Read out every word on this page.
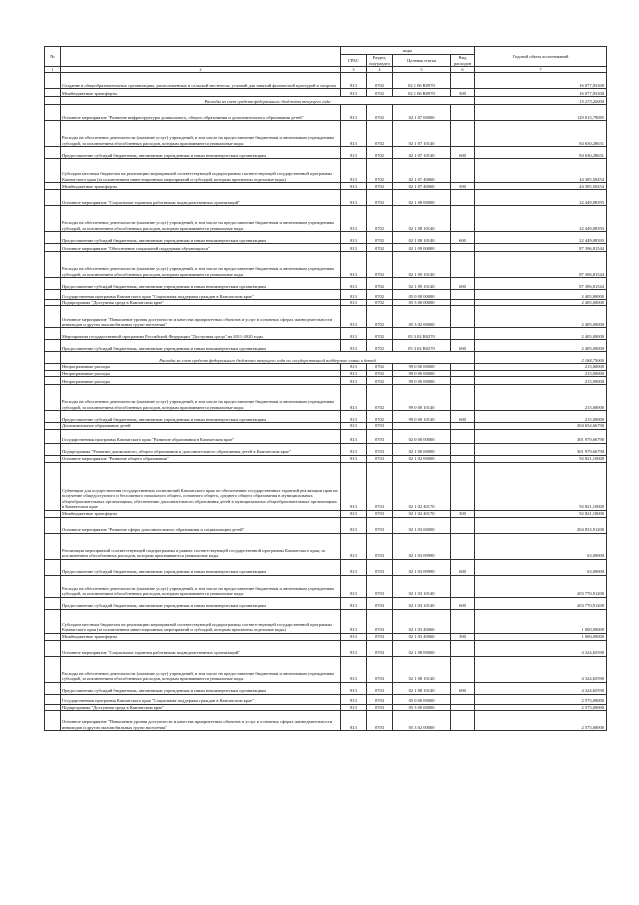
№		коды				Годовой объем ассигнований
		ГРБС	Раздел, под-раздел	Целевая статья	Вид расходов	
1	2	3	4	5	6	7
	Создание в общеобразовательных организациях, расположенных в сельской местности, условий для занятий физической культурой и спортом	813	0702	02 1 06 R0970		16 077,05300
	Межбюджетные трансферты	813	0702	02 1 06 R0970	500	16 077,05300
	Расходы за счет средств федерального бюджета текущего года					15 273,20000
	Основное мероприятие "Развитие инфраструктуры дошкольного, общего образования и дополнительного образования детей"	813	0702	02 1 07 00000		129 015,79085
	Расходы на обеспечение деятельности (оказание услуг) учреждений, в том числе на предоставление бюджетным и автономным учреждениям субсидий, за исключением обособленных расходов, которым присваиваются уникальные коды	813	0702	02 1 07 10140		84 630,28631
	Предоставление субсидий бюджетным, автономным учреждениям и иным некоммерческим организациям	813	0702	02 1 07 10140	600	84 630,28631
	Субсидии местным бюджетам на реализацию мероприятий соответствующей подпрограммы соответствующей государственной программы Камчатского края (за исключением инвестиционных мероприятий и субсидий, которым присвоены отдельные коды)	813	0702	02 1 07 40060		44 385,50454
	Межбюджетные трансферты	813	0702	02 1 07 40060	500	44 385,50454
	Основное мероприятие "Социальные гарантии работникам подведомственных организаций"	813	0702	02 1 08 00000		22 449,08393
	Расходы на обеспечение деятельности (оказание услуг) учреждений, в том числе на предоставление бюджетным и автономным учреждениям субсидий, за исключением обособленных расходов, которым присваиваются уникальные коды	813	0702	02 1 08 10140		22 449,08393
	Предоставление субсидий бюджетным, автономным учреждениям и иным некоммерческим организациям	813	0702	02 1 08 10140	600	22 449,08393
	Основное мероприятие "Обеспечение социальной поддержки обучающихся"	813	0702	02 1 09 00000		87 396,81544
	Расходы на обеспечение деятельности (оказание услуг) учреждений, в том числе на предоставление бюджетным и автономным учреждениям субсидий, за исключением обособленных расходов, которым присваиваются уникальные коды	813	0702	02 1 09 10140		87 396,81544
	Предоставление субсидий бюджетным, автономным учреждениям и иным некоммерческим организациям	813	0702	02 1 09 10140	600	87 396,81544
	Государственная программа Камчатского края "Социальная поддержка граждан в Камчатском крае"	813	0702	05 0 00 00000		2 405,00000
	Подпрограмма "Доступная среда в Камчатском крае"	813	0702	05 3 00 00000		2 405,00000
	Основное мероприятие "Повышение уровня доступности и качества приоритетных объектов и услуг в основных сферах жизнедеятельности инвалидов и других маломобильных групп населения"	813	0702	05 3 02 00000		2 405,00000
	Мероприятия государственной программы Российской Федерации "Доступная среда" на 2011-2020 годы	813	0702	05 3 02 R0270		2 405,00000
	Предоставление субсидий бюджетным, автономным учреждениям и иным некоммерческим организациям	813	0702	05 3 02 R0270	600	2 405,00000
	Расходы за счет средств федерального бюджета текущего года по государственной поддержке семьи и детей					2 184,75000
	Непрограммные расходы	813	0702	99 0 00 00000		215,00000
	Непрограммные расходы	813	0702	99 0 00 00000		215,00000
	Непрограммные расходы	813	0702	99 0 00 00000		215,00000
	Расходы на обеспечение деятельности (оказание услуг) учреждений, в том числе на предоставление бюджетным и автономным учреждениям субсидий, за исключением обособленных расходов, которым присваиваются уникальные коды	813	0702	99 0 00 10140		215,00000
	Предоставление субсидий бюджетным, автономным учреждениям и иным некоммерческим организациям	813	0702	99 0 00 10140	600	215,00000
	Дополнительное образование детей	813	0703			304 654,66790
	Государственная программа Камчатского края "Развитие образования в Камчатском крае"	813	0703	02 0 00 00000		301 979,66790
	Подпрограмма "Развитие дошкольного, общего образования и дополнительного образования детей в Камчатском крае"	813	0703	02 1 00 00000		301 979,66790
	Основное мероприятие "Развитие общего образования"	813	0703	02 1 02 00000		92 821,10000
	Субвенции для осуществления государственных полномочий Камчатского края по обеспечению государственных гарантий реализации прав на получение общедоступного и бесплатного начального общего, основного общего, среднего общего образования в муниципальных общеобразовательных организациях, обеспечению дополнительного образования детей в муниципальных общеобразовательных организациях в Камчатском крае	813	0703	02 1 02 40170		92 821,10000
	Межбюджетные трансферты	813	0703	02 1 02 40170	500	92 821,10000
	Основное мероприятие "Развитие сферы дополнительного образования и социализации детей"	813	0703	02 1 03 00000		204 833,91200
	Реализация мероприятий соответствующей подпрограммы в рамках соответствующей государственной программы Камчатского края, за исключением обособленных расходов, которым присваиваются уникальные коды	813	0703	02 1 03 09990		63,00000
	Предоставление субсидий бюджетным, автономным учреждениям и иным некоммерческим организациям	813	0703	02 1 03 09990	600	63,00000
	Расходы на обеспечение деятельности (оказание услуг) учреждений, в том числе на предоставление бюджетным и автономным учреждениям субсидий, за исключением обособленных расходов, которым присваиваются уникальные коды	813	0703	02 1 03 10140		203 770,91200
	Предоставление субсидий бюджетным, автономным учреждениям и иным некоммерческим организациям	813	0703	02 1 03 10140	600	203 770,91200
	Субсидии местным бюджетам на реализацию мероприятий соответствующей подпрограммы соответствующей государственной программы Камчатского края (за исключением инвестиционных мероприятий и субсидий, которым присвоены отдельные коды)	813	0703	02 1 03 40060		1 000,00000
	Межбюджетные трансферты	813	0703	02 1 03 40060	500	1 000,00000
	Основное мероприятие "Социальные гарантии работникам подведомственных организаций"	813	0703	02 1 08 00000		4 324,65590
	Расходы на обеспечение деятельности (оказание услуг) учреждений, в том числе на предоставление бюджетным и автономным учреждениям субсидий, за исключением обособленных расходов, которым присваиваются уникальные коды	813	0703	02 1 08 10140		4 324,65590
	Предоставление субсидий бюджетным, автономным учреждениям и иным некоммерческим организациям	813	0703	02 1 08 10140	600	4 324,65590
	Государственная программа Камчатского края "Социальная поддержка граждан в Камчатском крае"	813	0703	05 0 00 00000		2 575,00000
	Подпрограмма "Доступная среда в Камчатском крае"	813	0703	05 3 00 00000		2 575,00000
	Основное мероприятие "Повышение уровня доступности и качества приоритетных объектов и услуг в основных сферах жизнедеятельности инвалидов и других маломобильных групп населения"	813	0703	05 3 02 00000		2 575,00000
